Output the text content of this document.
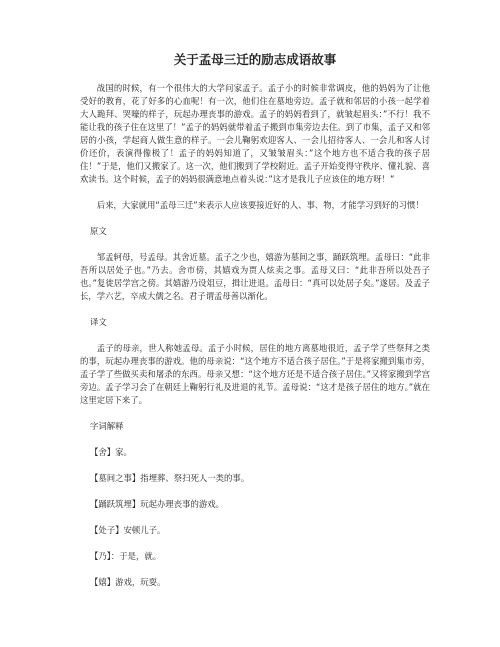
关于孟母三迁的励志成语故事

战国的时候，有一个很伟大的大学问家孟子。孟子小的时候非常调皮，他的妈妈为了让他受好的教育，花了好多的心血呢！有一次，他们住在墓地旁边。孟子就和邻居的小孩一起学着大人跪拜、哭嚎的样子，玩起办理丧事的游戏。孟子的妈妈看到了，就皱起眉头：”不行！我不能让我的孩子住在这里了！”孟子的妈妈就带着孟子搬到市集旁边去住。到了市集，孟子又和邻居的小孩，学起商人做生意的样子。一会儿鞠躬欢迎客人、一会儿招待客人、一会儿和客人讨价还价，表演得像极了！孟子的妈妈知道了，又皱皱眉头：”这个地方也不适合我的孩子居住！”于是，他们又搬家了。这一次，他们搬到了学校附近。孟子开始变得守秩序、懂礼貌、喜欢读书。这个时候，孟子的妈妈很满意地点着头说：”这才是我儿子应该住的地方呀！”

后来，大家就用“孟母三迁”来表示人应该要接近好的人、事、物，才能学习到好的习惯！

原文

邹孟轲母，号孟母。其舍近墓。孟子之少也，嬉游为墓间之事，踊跃筑埋。孟母曰：“此非吾所以居处子也。”乃去。舍市傍，其嬉戏为贾人炫卖之事。孟母又曰：“此非吾所以处吾子也。”复徙居学宫之傍。其嬉游乃设俎豆，揖让进退。孟母曰：“真可以处居子矣。”遂居。及孟子长，学六艺，卒成大儒之名。君子谓孟母善以渐化。

译文

孟子的母亲，世人称她孟母。孟子小时候，居住的地方离墓地很近，孟子学了些祭拜之类的事，玩起办理丧事的游戏。他的母亲说：“这个地方不适合孩子居住。”于是将家搬到集市旁，孟子学了些做买卖和屠杀的东西。母亲又想：“这个地方还是不适合孩子居住。”又将家搬到学宫旁边。孟子学习会了在朝廷上鞠躬行礼及进退的礼节。孟母说：“这才是孩子居住的地方。”就在这里定居下来了。

字词解释
【舍】家。
【墓间之事】指埋葬、祭扫死人一类的事。
【踊跃筑埋】玩起办理丧事的游戏。
【处子】安顿儿子。
【乃】：于是，就。
【嬉】游戏，玩耍。
